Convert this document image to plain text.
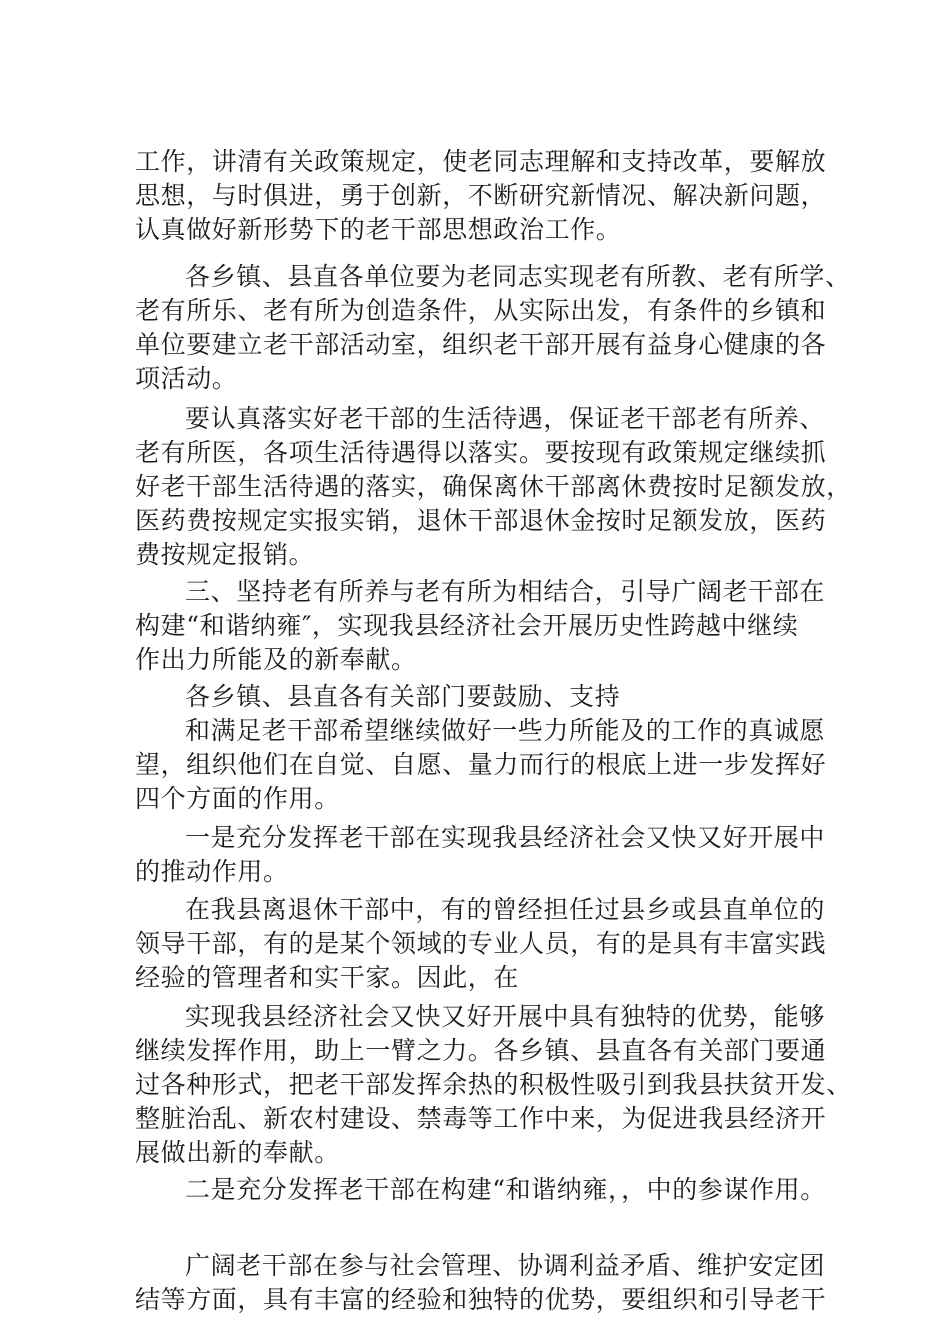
工作，讲清有关政策规定，使老同志理解和支持改革，要解放
思想，与时俱进，勇于创新，不断研究新情况、解决新问题，
认真做好新形势下的老干部思想政治工作。
各乡镇、县直各单位要为老同志实现老有所教、老有所学、
老有所乐、老有所为创造条件，从实际出发，有条件的乡镇和
单位要建立老干部活动室，组织老干部开展有益身心健康的各
项活动。
要认真落实好老干部的生活待遇，保证老干部老有所养、
老有所医，各项生活待遇得以落实。要按现有政策规定继续抓
好老干部生活待遇的落实，确保离休干部离休费按时足额发放，
医药费按规定实报实销，退休干部退休金按时足额发放，医药
费按规定报销。
三、坚持老有所养与老有所为相结合，引导广阔老干部在
构建“和谐纳雍″，实现我县经济社会开展历史性跨越中继续
作出力所能及的新奉献。
各乡镇、县直各有关部门要鼓励、支持
和满足老干部希望继续做好一些力所能及的工作的真诚愿
望，组织他们在自觉、自愿、量力而行的根底上进一步发挥好
四个方面的作用。
一是充分发挥老干部在实现我县经济社会又快又好开展中
的推动作用。
在我县离退休干部中，有的曾经担任过县乡或县直单位的
领导干部，有的是某个领域的专业人员，有的是具有丰富实践
经验的管理者和实干家。因此，在
实现我县经济社会又快又好开展中具有独特的优势，能够
继续发挥作用，助上一臂之力。各乡镇、县直各有关部门要通
过各种形式，把老干部发挥余热的积极性吸引到我县扶贫开发、
整脏治乱、新农村建设、禁毒等工作中来，为促进我县经济开
展做出新的奉献。
二是充分发挥老干部在构建“和谐纳雍，，中的参谋作用。
广阔老干部在参与社会管理、协调利益矛盾、维护安定团
结等方面，具有丰富的经验和独特的优势，要组织和引导老干
